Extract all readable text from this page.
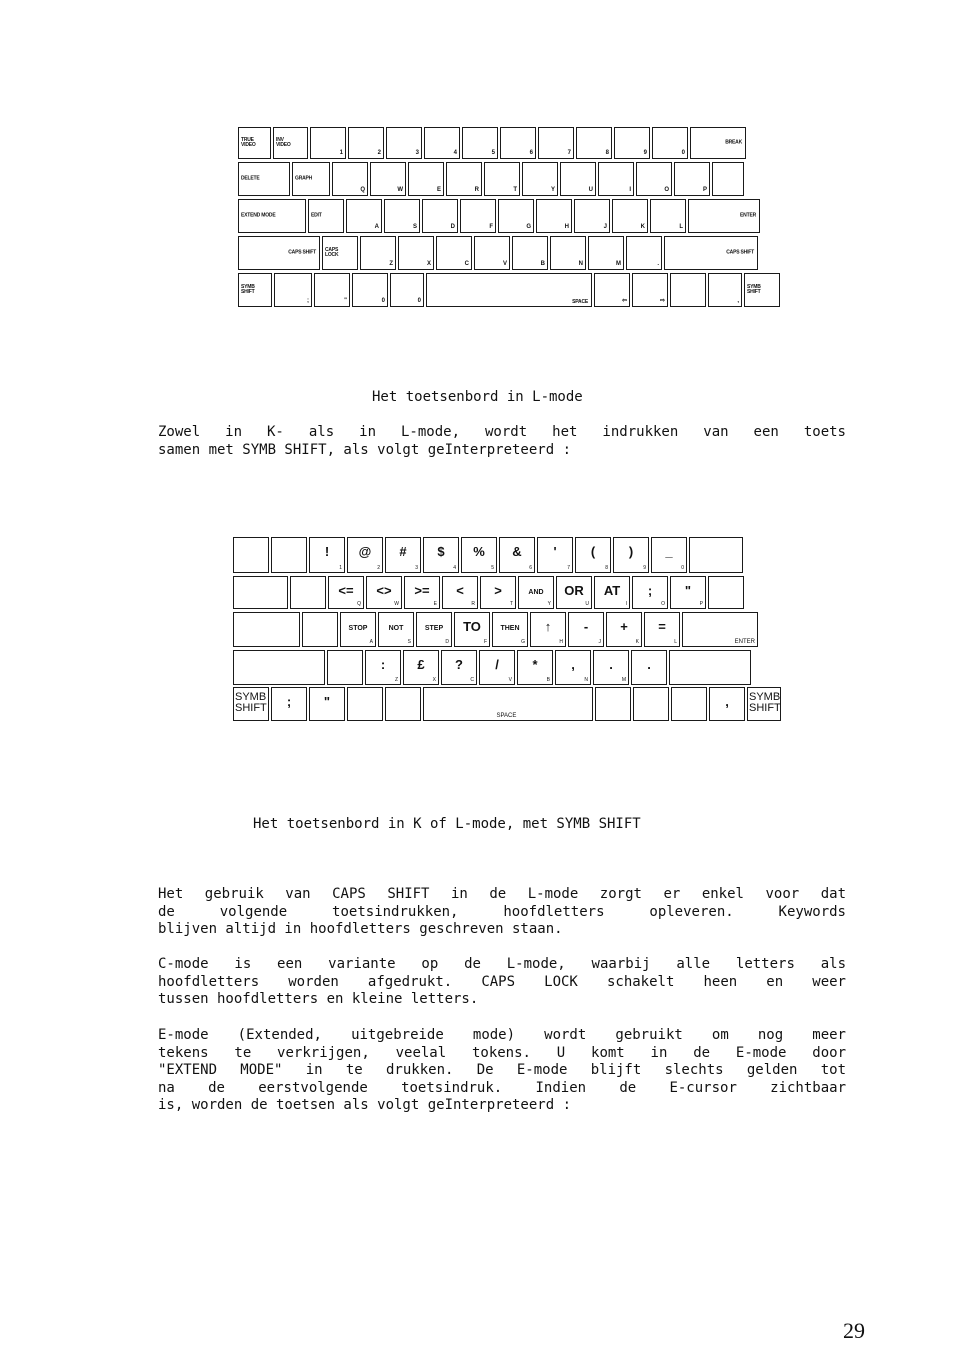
TRUE
VIDEO
INV
VIDEO
1	2	3	4	5	6	7	8	9	0
BREAK
DELETE	GRAPH
Q	W	E	R	T	Y	U	I	O	P
EXTEND MODE	EDIT
A	S	D	F	G	H	J	K	L
ENTER
CAPS SHIFT CAPS
LOCK
Z	X	C	V	B	N	M	.
CAPS SHIFT
SYMB
SHIFT
;	"	0	0	SPACE	⇦	⇨	,
SYMB
SHIFT
Het toetsenbord in L-mode
Zowel in K- als in L-mode, wordt het indrukken van een toets
samen met SYMB SHIFT, als volgt geInterpreteerd :
!
1
@
2
#
3
$
4
%
5
&
6
'
7
(
8
)
9
_
0
<=
Q
<>
W
>=
E
<
R
>
T
AND
Y
OR
U
AT
I
;
O
"
P
STOP
A
NOT
S
STEP
D
TO
F
THEN
G
↑
H
-
J
+
K
=
L	ENTER
:
Z
£
X
?
C
/
V
*
B
,
N
.
M
.
SYMB
SHIFT	;	"
SPACE
,	SYMB
SHIFT
Het toetsenbord in K of L-mode, met SYMB SHIFT
Het gebruik van CAPS SHIFT in de L-mode zorgt er enkel voor dat
de volgende toetsindrukken, hoofdletters opleveren. Keywords
blijven altijd in hoofdletters geschreven staan.
C-mode is een variante op de L-mode, waarbij alle letters als
hoofdletters worden afgedrukt. CAPS LOCK schakelt heen en weer
tussen hoofdletters en kleine letters.
E-mode (Extended, uitgebreide mode) wordt gebruikt om nog meer
tekens te verkrijgen, veelal tokens. U komt in de E-mode door
"EXTEND MODE" in te drukken. De E-mode blijft slechts gelden tot
na de eerstvolgende toetsindruk. Indien de E-cursor zichtbaar
is, worden de toetsen als volgt geInterpreteerd :
29
